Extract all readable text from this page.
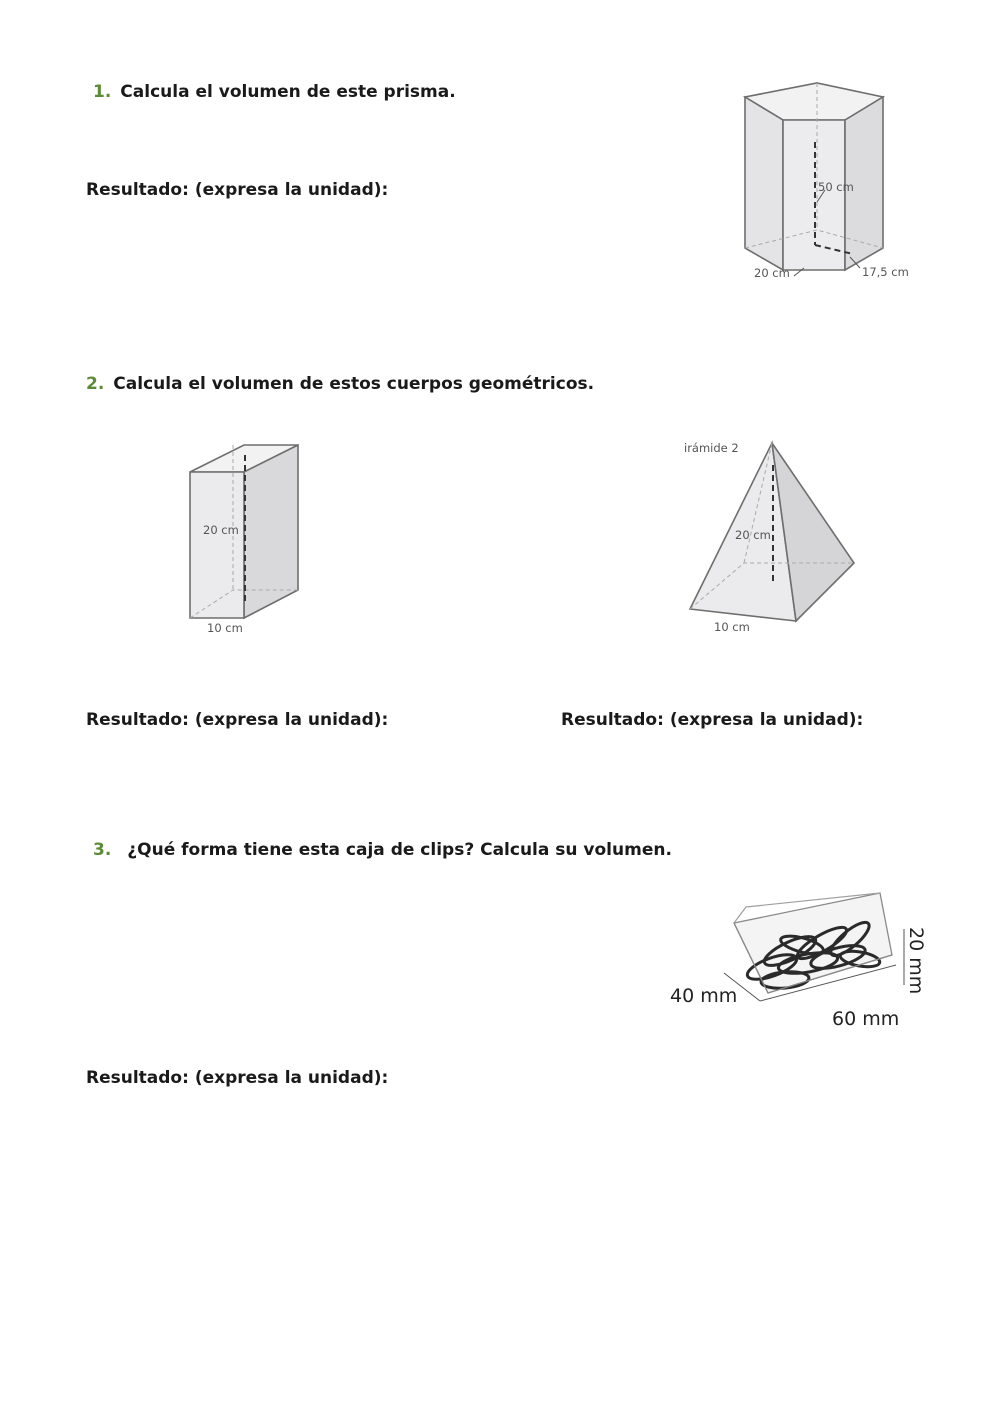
1. Calcula el volumen de este prisma.
Resultado: (expresa la unidad):	50 cm
20 cm	17,5 cm
2. Calcula el volumen de estos cuerpos geométricos.
20 cm
10 cm
irámide 2
20 cm
10 cm
Resultado: (expresa la unidad):	Resultado: (expresa la unidad):
3. ¿Qué forma tiene esta caja de clips? Calcula su volumen.
40 mm
60 mm
20 mm
Resultado: (expresa la unidad):
